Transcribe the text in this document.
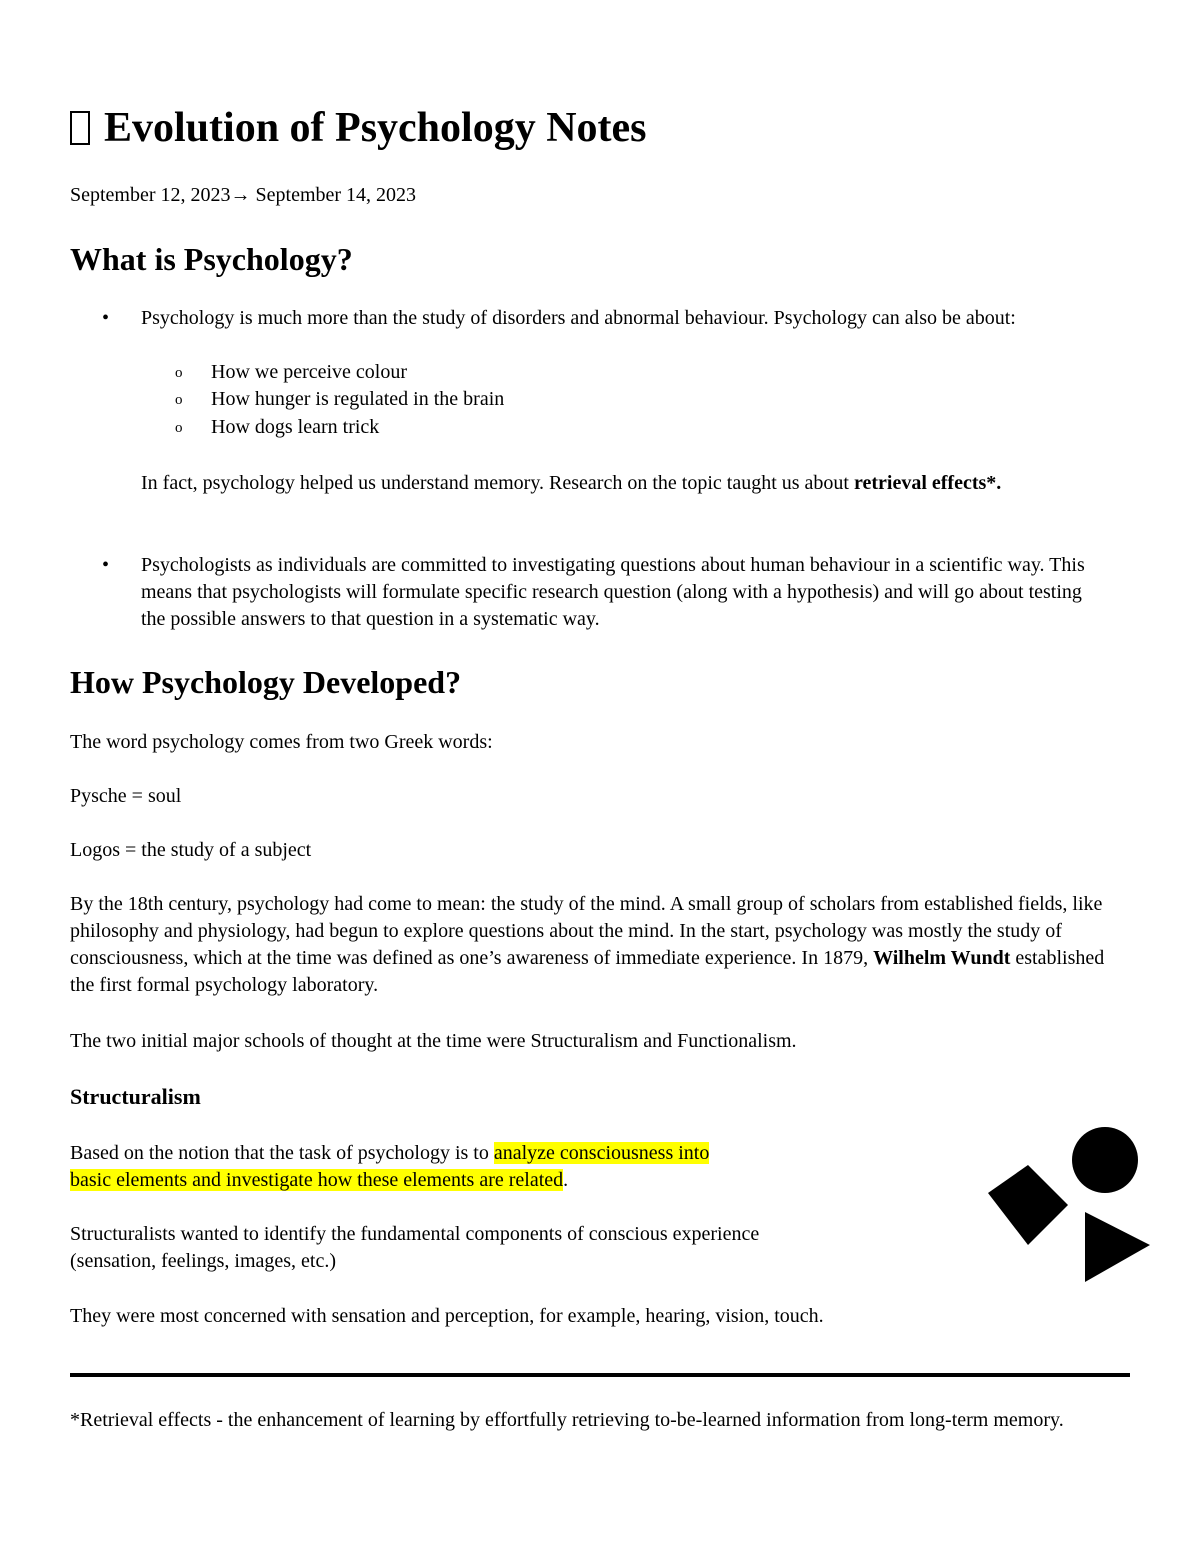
Evolution of Psychology Notes
September 12, 2023→ September 14, 2023
What is Psychology?
• Psychology is much more than the study of disorders and abnormal behaviour. Psychology can also be about:

o How we perceive colour

o How hunger is regulated in the brain

o How dogs learn trick

In fact, psychology helped us understand memory. Research on the topic taught us about retrieval effects*.

• Psychologists as individuals are committed to investigating questions about human behaviour in a scientific way. This means that psychologists will formulate specific research question (along with a hypothesis) and will go about testing the possible answers to that question in a systematic way.

How Psychology Developed?

The word psychology comes from two Greek words:

Pysche = soul

Logos = the study of a subject

By the 18th century, psychology had come to mean: the study of the mind. A small group of scholars from established fields, like philosophy and physiology, had begun to explore questions about the mind. In the start, psychology was mostly the study of consciousness, which at the time was defined as one’s awareness of immediate experience. In 1879, Wilhelm Wundt established the first formal psychology laboratory.

The two initial major schools of thought at the time were Structuralism and Functionalism.

Structuralism

Based on the notion that the task of psychology is to analyze consciousness into
basic elements and investigate how these elements are related.

Structuralists wanted to identify the fundamental components of conscious experience (sensation, feelings, images, etc.)

They were most concerned with sensation and perception, for example, hearing, vision, touch.

*Retrieval effects - the enhancement of learning by effortfully retrieving to-be-learned information from long-term memory.
